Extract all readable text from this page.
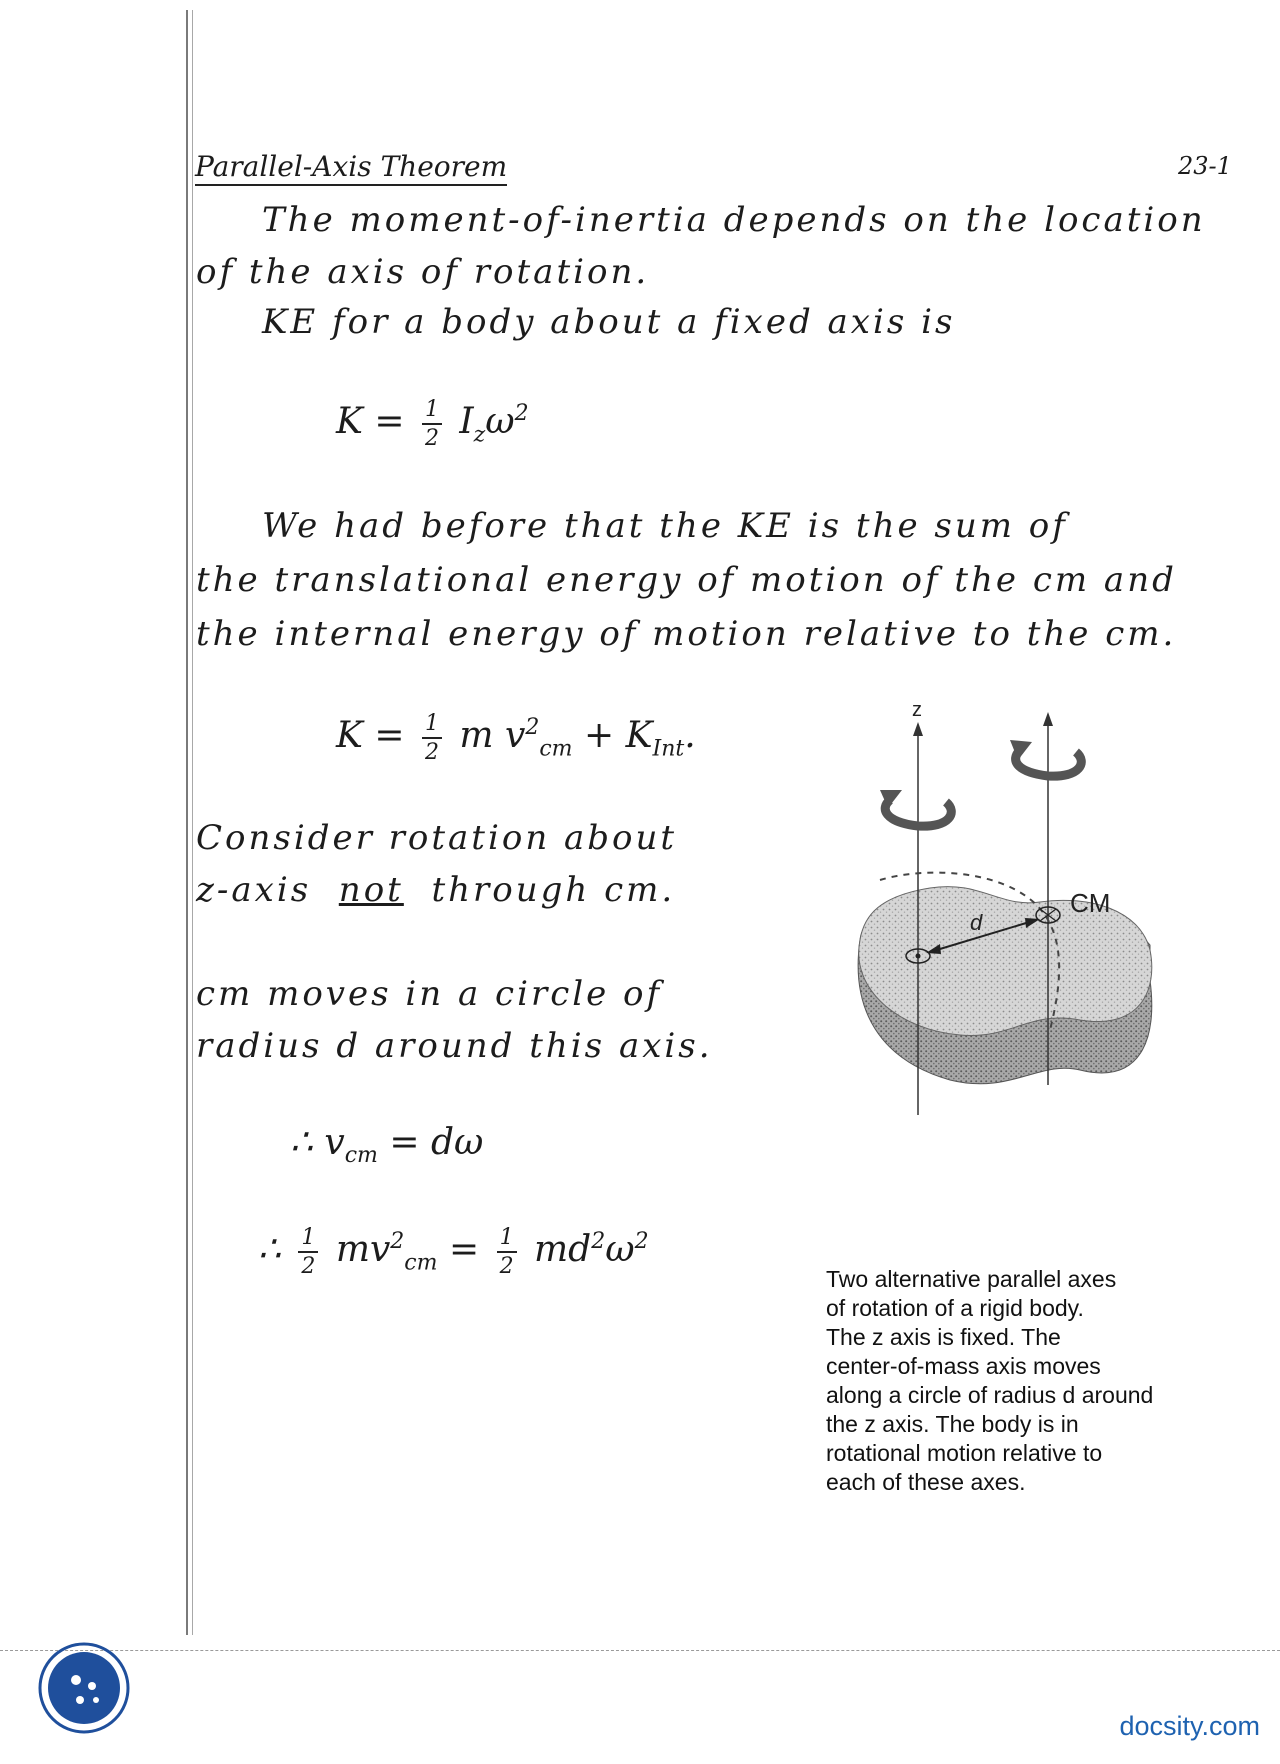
Parallel-Axis Theorem	23-1
The moment-of-inertia depends on the location
of the axis of rotation.
KE for a body about a fixed axis is
$K = \frac{1}{2} I_z\omega^2$
We had before that the KE is the sum of
the translational energy of motion of the cm and
the internal energy of motion relative to the cm.
$K = \frac{1}{2}$ m $v^2_{cm} + K_{Int}$.
Consider rotation about
z-axis not through cm.
cm moves in a circle of
radius d around this axis.
∴ $v_{cm} = d\omega$
∴ $\frac{1}{2} mv^2_{cm} = \frac{1}{2} md^2\omega^2$
z
CM
d
Two alternative parallel axes
of rotation of a rigid body.
The z axis is fixed. The
center-of-mass axis moves
along a circle of radius d around
the z axis. The body is in
rotational motion relative to
each of these axes.
docsity.com
